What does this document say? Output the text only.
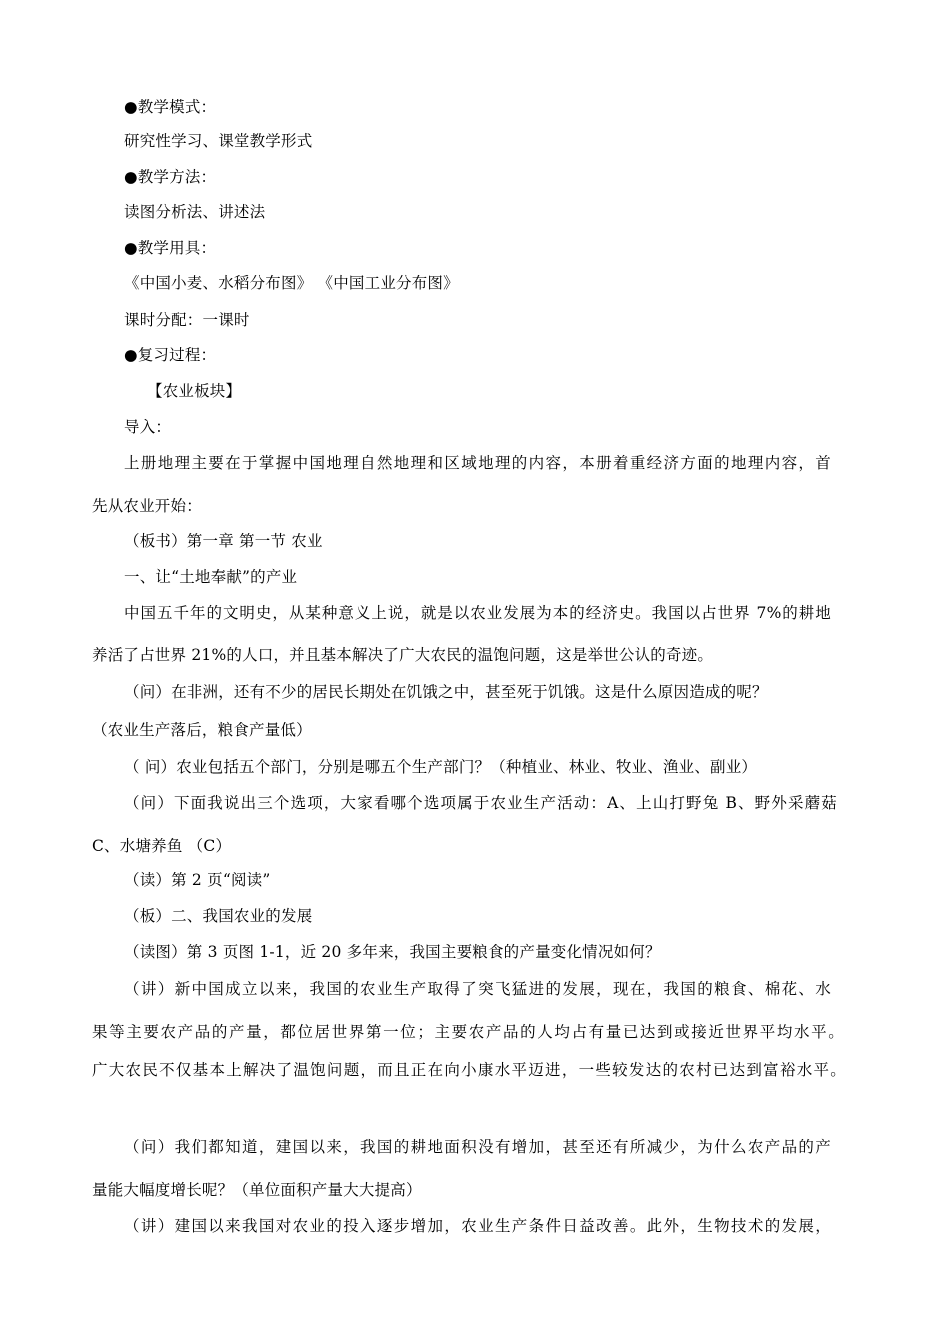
●教学模式：
研究性学习、课堂教学形式
●教学方法：
读图分析法、讲述法
●教学用具：
《中国小麦、水稻分布图》 《中国工业分布图》
课时分配：一课时
●复习过程：
【农业板块】
导入：
上册地理主要在于掌握中国地理自然地理和区域地理的内容，本册着重经济方面的地理内容，首
先从农业开始：
（板书）第一章 第一节 农业
一、让“土地奉献”的产业
中国五千年的文明史，从某种意义上说，就是以农业发展为本的经济史。我国以占世界 7%的耕地
养活了占世界 21%的人口，并且基本解决了广大农民的温饱问题，这是举世公认的奇迹。
（问）在非洲，还有不少的居民长期处在饥饿之中，甚至死于饥饿。这是什么原因造成的呢？
（农业生产落后，粮食产量低）
（ 问）农业包括五个部门，分别是哪五个生产部门？（种植业、林业、牧业、渔业、副业）
（问）下面我说出三个选项，大家看哪个选项属于农业生产活动：A、上山打野兔 B、野外采蘑菇
C、水塘养鱼 （C）
（读）第 2 页“阅读”
（板）二、我国农业的发展
（读图）第 3 页图 1-1，近 20 多年来，我国主要粮食的产量变化情况如何？
（讲）新中国成立以来，我国的农业生产取得了突飞猛进的发展，现在，我国的粮食、棉花、水
果等主要农产品的产量，都位居世界第一位；主要农产品的人均占有量已达到或接近世界平均水平。
广大农民不仅基本上解决了温饱问题，而且正在向小康水平迈进，一些较发达的农村已达到富裕水平。
（问）我们都知道，建国以来，我国的耕地面积没有增加，甚至还有所减少，为什么农产品的产
量能大幅度增长呢？（单位面积产量大大提高）
（讲）建国以来我国对农业的投入逐步增加，农业生产条件日益改善。此外，生物技术的发展，
